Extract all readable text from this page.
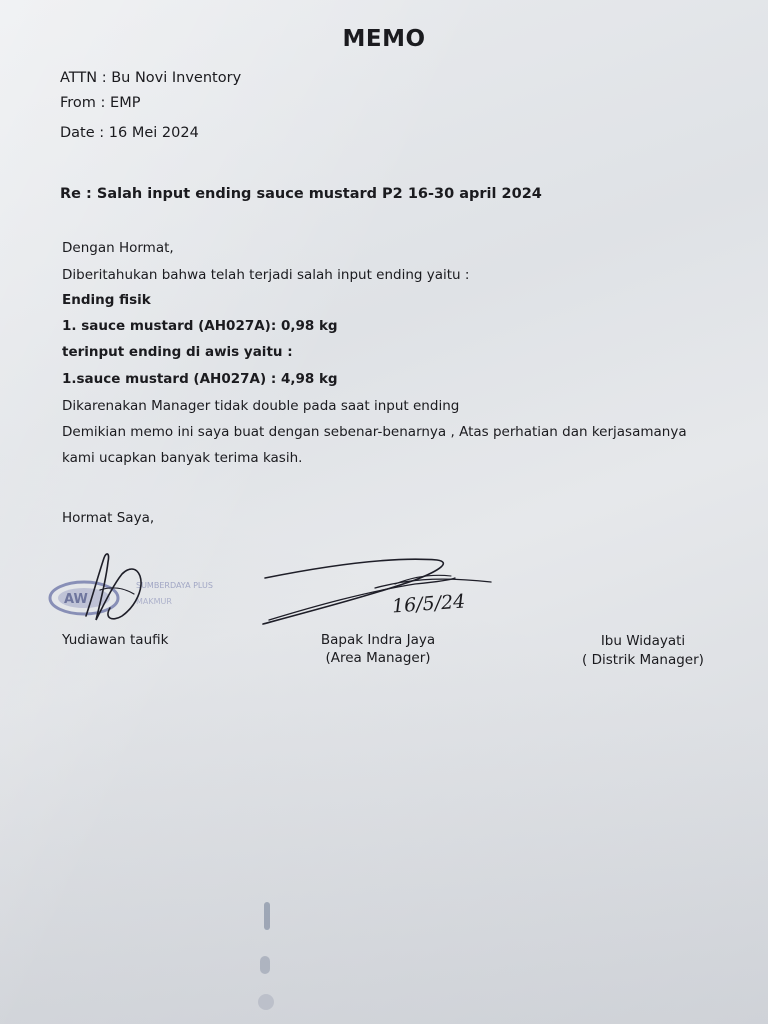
MEMO
ATTN : Bu Novi Inventory
From : EMP
Date : 16 Mei 2024
Re : Salah input ending sauce mustard P2 16-30 april 2024
Dengan Hormat,
Diberitahukan bahwa telah terjadi salah input ending yaitu :
Ending fisik
1. sauce mustard (AH027A): 0,98 kg
terinput ending di awis yaitu :
1.sauce mustard (AH027A) : 4,98 kg
Dikarenakan Manager tidak double pada saat input ending
Demikian memo ini saya buat dengan sebenar-benarnya , Atas perhatian dan kerjasamanya
kami ucapkan banyak terima kasih.
Hormat Saya,
AW
SUMBERDAYA PLUS
MAKMUR	16/5/24
Yudiawan taufik	Bapak Indra Jaya
(Area Manager)
Ibu Widayati
( Distrik Manager)
